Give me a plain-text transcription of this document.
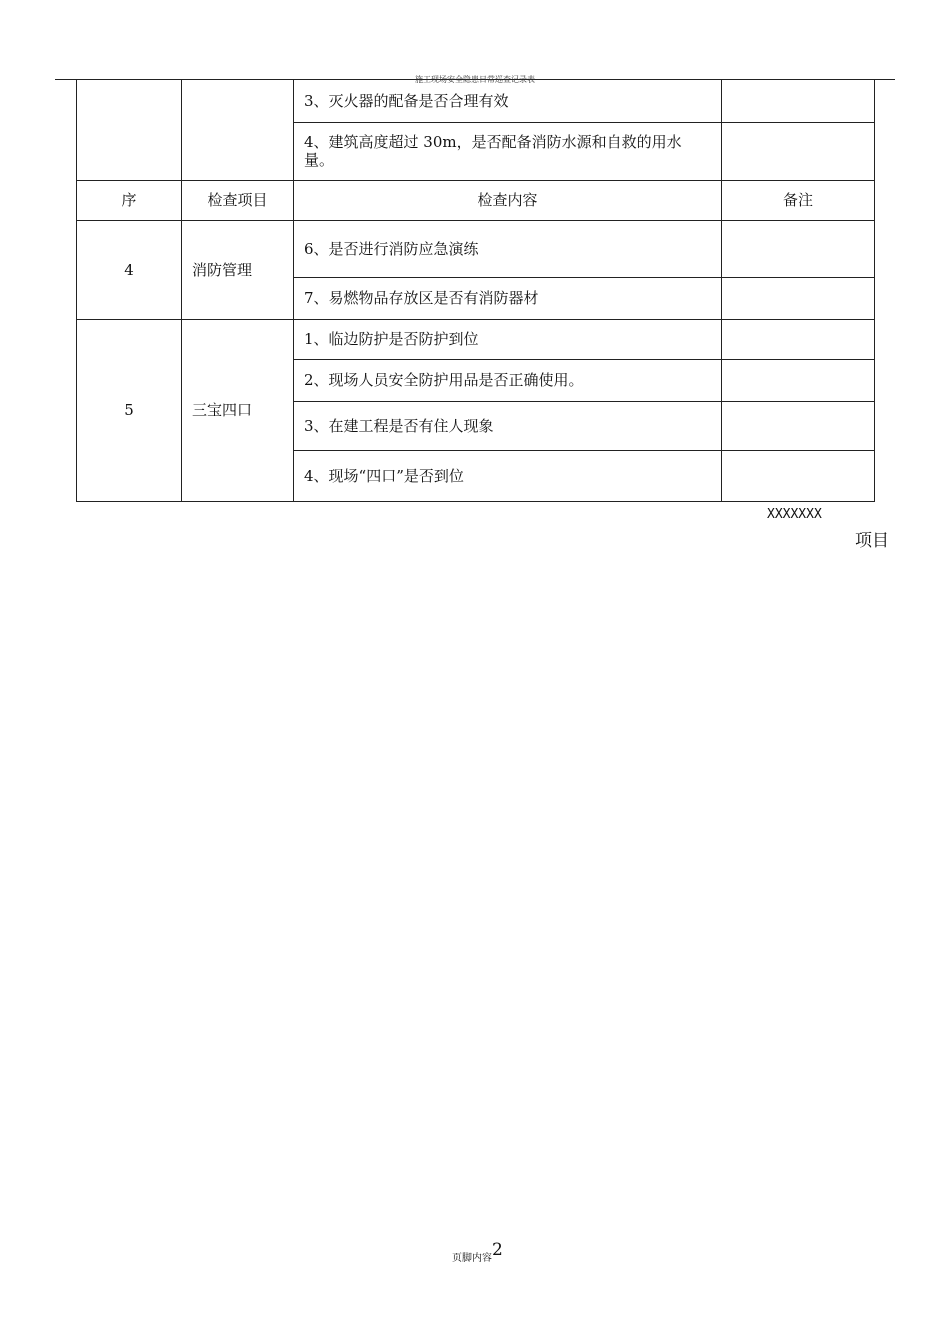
施工现场安全隐患日常巡查记录表
		3、灭火器的配备是否合理有效	
		4、建筑高度超过 30m，是否配备消防水源和自救的用水量。	
序	检查项目	检查内容	备注
4	消防管理	6、是否进行消防应急演练	
		7、易燃物品存放区是否有消防器材	
5	三宝四口	1、临边防护是否防护到位	
		2、现场人员安全防护用品是否正确使用。	
		3、在建工程是否有住人现象	
		4、现场“四口”是否到位	
XXXXXXX
项目
页脚内容2
